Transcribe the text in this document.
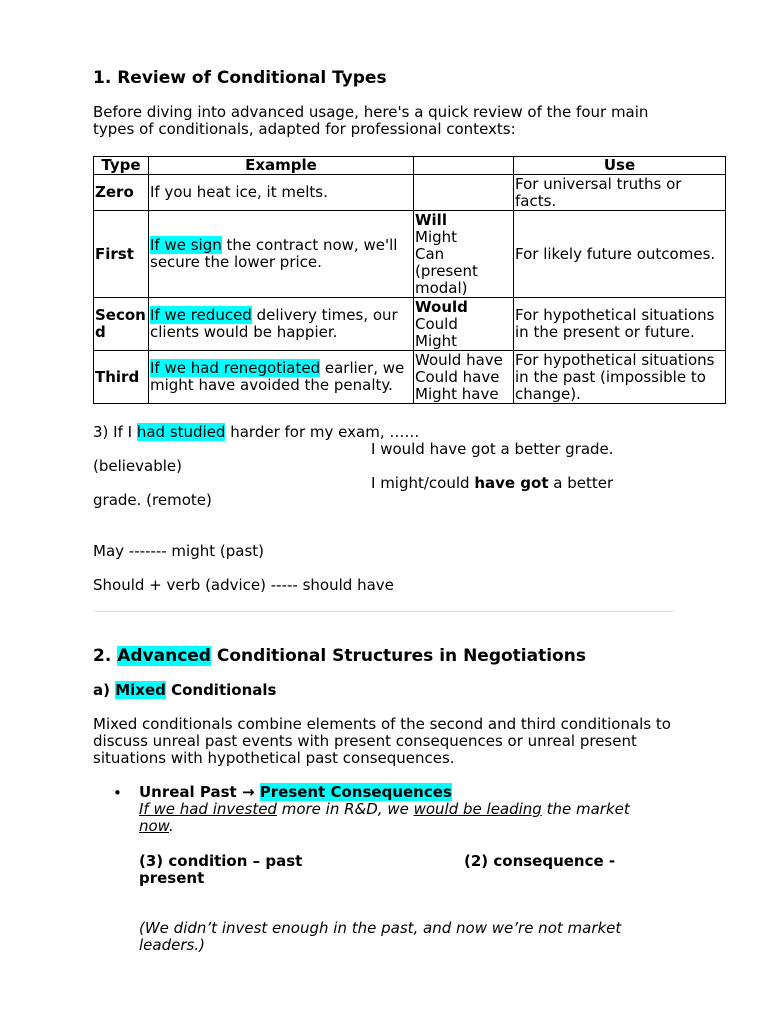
1. Review of Conditional Types
Before diving into advanced usage, here's a quick review of the four main types of conditionals, adapted for professional contexts:
Type	Example		Use
Zero	If you heat ice, it melts.		For universal truths or facts.
First	If we sign the contract now, we'll secure the lower price.	Will
Might
Can
(present modal)	For likely future outcomes.
Second	If we reduced delivery times, our clients would be happier.	Would
Could
Might	For hypothetical situations in the present or future.
Third	If we had renegotiated earlier, we might have avoided the penalty.	Would have
Could have
Might have	For hypothetical situations in the past (impossible to change).
3) If I had studied harder for my exam, ……
I would have got a better grade.
(believable)
I might/could have got a better
grade. (remote)
May ------- might (past)
Should + verb (advice) ----- should have
2. Advanced Conditional Structures in Negotiations
a) Mixed Conditionals
Mixed conditionals combine elements of the second and third conditionals to discuss unreal past events with present consequences or unreal present situations with hypothetical past consequences.
• Unreal Past → Present Consequences
If we had invested more in R&D, we would be leading the market
now.
(3) condition – past	(2) consequence -
present
(We didn’t invest enough in the past, and now we’re not market leaders.)
